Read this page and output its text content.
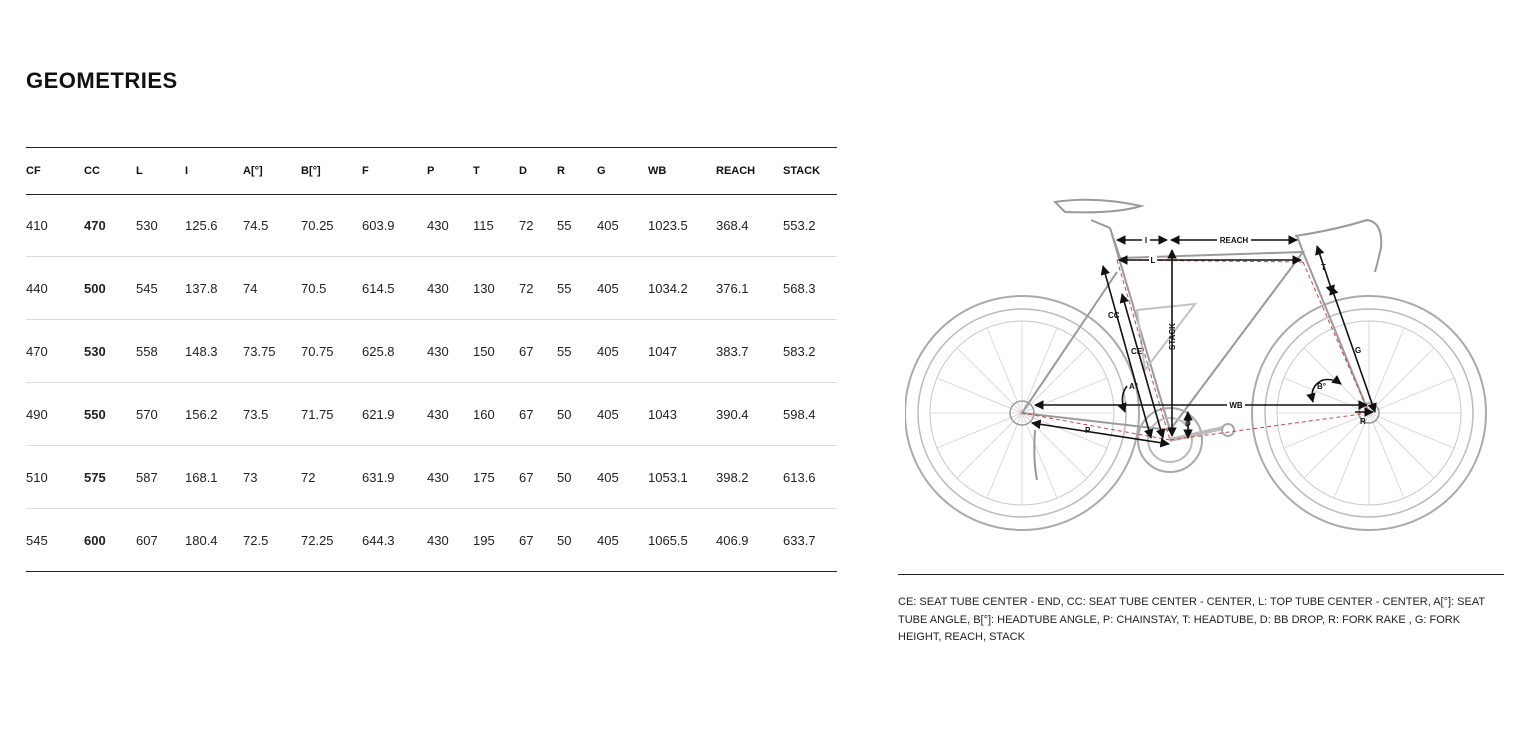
GEOMETRIES
CF	CC	L	I	A[°]	B[°]	F	P	T	D	R	G	WB	REACH	STACK
410	470	530	125.6	74.5	70.25	603.9	430	115	72	55	405	1023.5	368.4	553.2
440	500	545	137.8	74	70.5	614.5	430	130	72	55	405	1034.2	376.1	568.3
470	530	558	148.3	73.75	70.75	625.8	430	150	67	55	405	1047	383.7	583.2
490	550	570	156.2	73.5	71.75	621.9	430	160	67	50	405	1043	390.4	598.4
510	575	587	168.1	73	72	631.9	430	175	67	50	405	1053.1	398.2	613.6
545	600	607	180.4	72.5	72.25	644.3	430	195	67	50	405	1065.5	406.9	633.7
I	REACH
L
T
CC
CE
STACK
G
A°	B°
WB
D	R
P

CE: SEAT TUBE CENTER - END, CC: SEAT TUBE CENTER - CENTER, L: TOP TUBE CENTER - CENTER, A[°]: SEAT TUBE ANGLE, B[°]: HEADTUBE ANGLE, P: CHAINSTAY, T: HEADTUBE, D: BB DROP, R: FORK RAKE , G: FORK HEIGHT, REACH, STACK
